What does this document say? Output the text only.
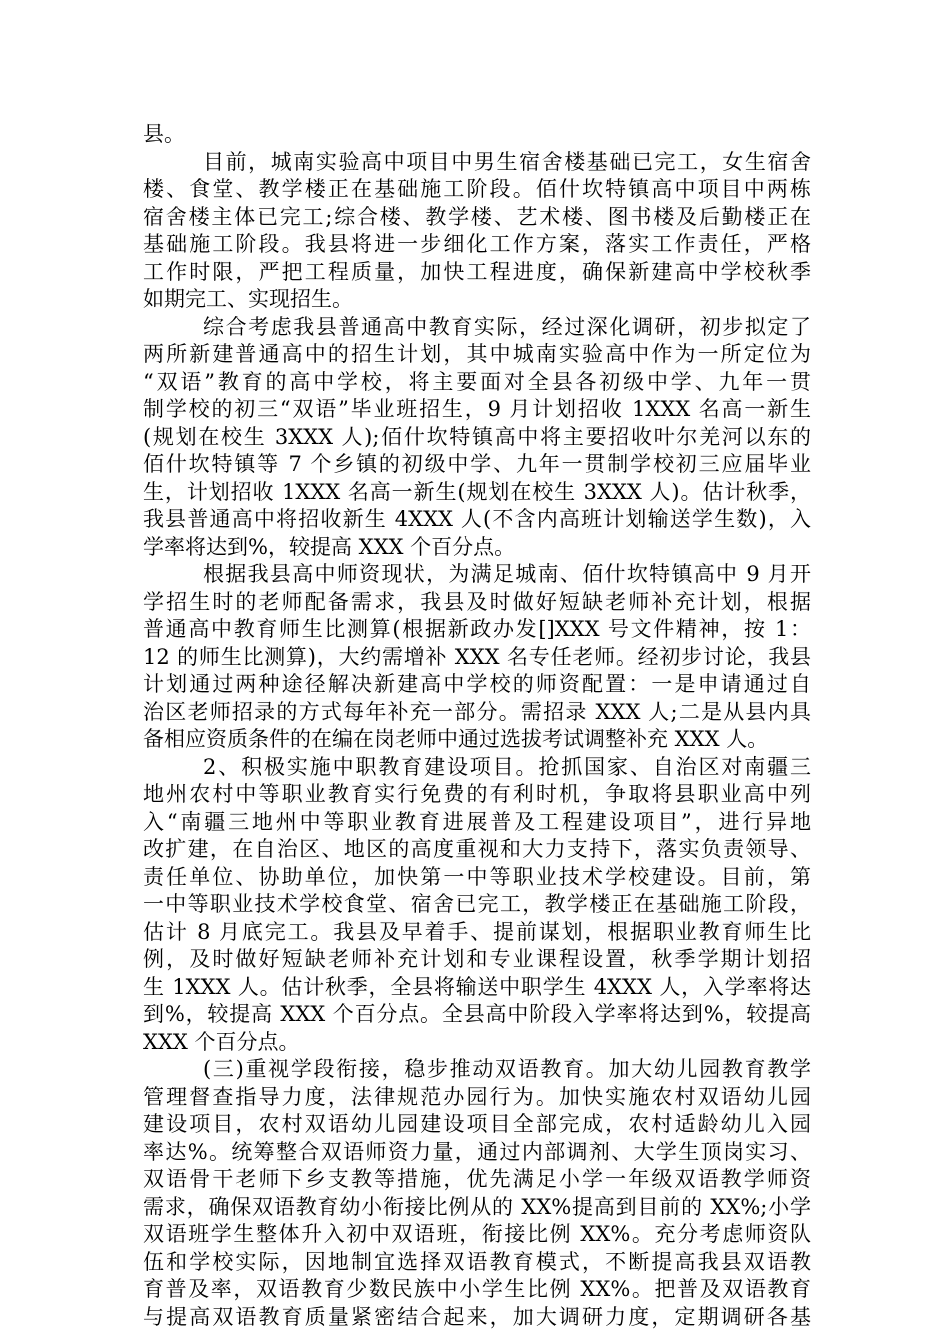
县。
目前，城南实验高中项目中男生宿舍楼基础已完工，女生宿舍
楼、食堂、教学楼正在基础施工阶段。佰什坎特镇高中项目中两栋
宿舍楼主体已完工;综合楼、教学楼、艺术楼、图书楼及后勤楼正在
基础施工阶段。我县将进一步细化工作方案，落实工作责任，严格
工作时限，严把工程质量，加快工程进度，确保新建高中学校秋季
如期完工、实现招生。
综合考虑我县普通高中教育实际，经过深化调研，初步拟定了
两所新建普通高中的招生计划，其中城南实验高中作为一所定位为
“双语”教育的高中学校，将主要面对全县各初级中学、九年一贯
制学校的初三“双语”毕业班招生，9 月计划招收 1XXX 名高一新生
(规划在校生 3XXX 人);佰什坎特镇高中将主要招收叶尔羌河以东的
佰什坎特镇等 7 个乡镇的初级中学、九年一贯制学校初三应届毕业
生，计划招收 1XXX 名高一新生(规划在校生 3XXX 人)。估计秋季，
我县普通高中将招收新生 4XXX 人(不含内高班计划输送学生数)，入
学率将达到%，较提高 XXX 个百分点。
根据我县高中师资现状，为满足城南、佰什坎特镇高中 9 月开
学招生时的老师配备需求，我县及时做好短缺老师补充计划，根据
普通高中教育师生比测算(根据新政办发[]XXX 号文件精神，按 1：
12 的师生比测算)，大约需增补 XXX 名专任老师。经初步讨论，我县
计划通过两种途径解决新建高中学校的师资配置：一是申请通过自
治区老师招录的方式每年补充一部分。需招录 XXX 人;二是从县内具
备相应资质条件的在编在岗老师中通过选拔考试调整补充 XXX 人。
2、积极实施中职教育建设项目。抢抓国家、自治区对南疆三
地州农村中等职业教育实行免费的有利时机，争取将县职业高中列
入“南疆三地州中等职业教育进展普及工程建设项目”，进行异地
改扩建，在自治区、地区的高度重视和大力支持下，落实负责领导、
责任单位、协助单位，加快第一中等职业技术学校建设。目前，第
一中等职业技术学校食堂、宿舍已完工，教学楼正在基础施工阶段，
估计 8 月底完工。我县及早着手、提前谋划，根据职业教育师生比
例，及时做好短缺老师补充计划和专业课程设置，秋季学期计划招
生 1XXX 人。估计秋季，全县将输送中职学生 4XXX 人，入学率将达
到%，较提高 XXX 个百分点。全县高中阶段入学率将达到%，较提高
XXX 个百分点。
(三)重视学段衔接，稳步推动双语教育。加大幼儿园教育教学
管理督查指导力度，法律规范办园行为。加快实施农村双语幼儿园
建设项目，农村双语幼儿园建设项目全部完成，农村适龄幼儿入园
率达%。统筹整合双语师资力量，通过内部调剂、大学生顶岗实习、
双语骨干老师下乡支教等措施，优先满足小学一年级双语教学师资
需求，确保双语教育幼小衔接比例从的 XX%提高到目前的 XX%;小学
双语班学生整体升入初中双语班，衔接比例 XX%。充分考虑师资队
伍和学校实际，因地制宜选择双语教育模式，不断提高我县双语教
育普及率，双语教育少数民族中小学生比例 XX%。把普及双语教育
与提高双语教育质量紧密结合起来，加大调研力度，定期调研各基
